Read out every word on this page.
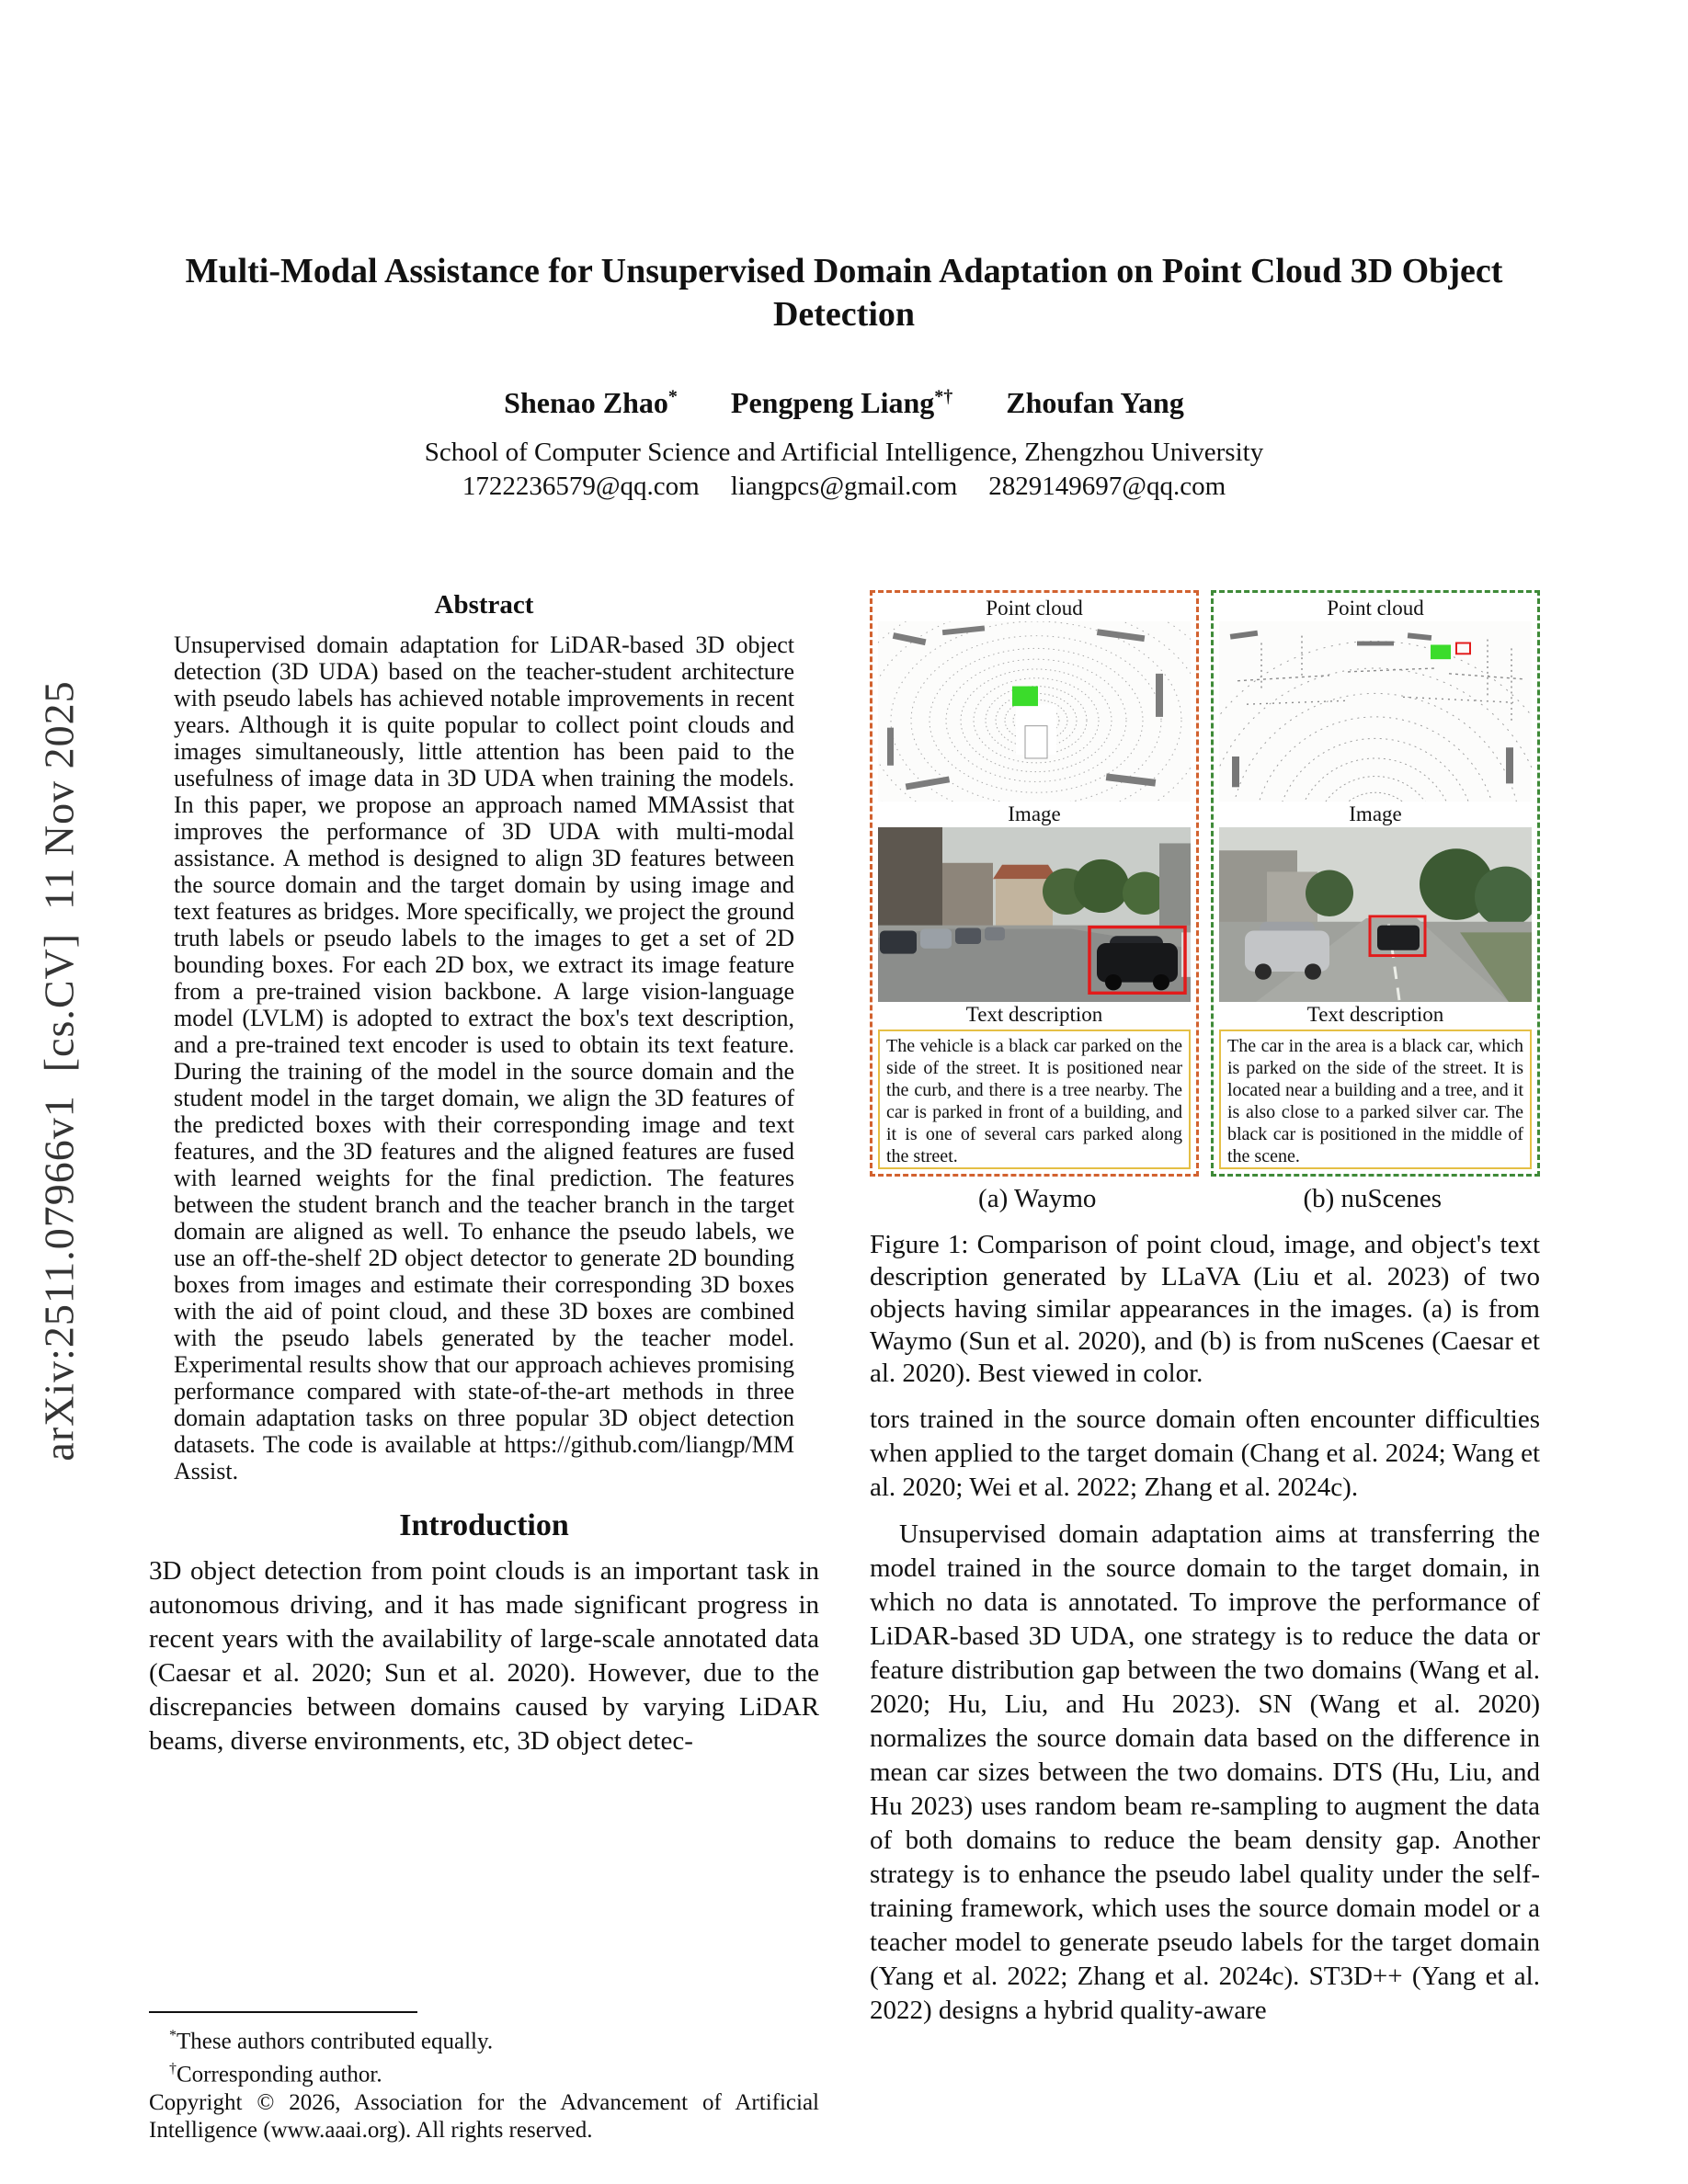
arXiv:2511.07966v1  [cs.CV]  11 Nov 2025
Multi-Modal Assistance for Unsupervised Domain Adaptation on Point Cloud 3D Object Detection
Shenao Zhao* Pengpeng Liang*† Zhoufan Yang
School of Computer Science and Artificial Intelligence, Zhengzhou University
1722236579@qq.com liangpcs@gmail.com 2829149697@qq.com
Abstract

Unsupervised domain adaptation for LiDAR-based 3D object detection (3D UDA) based on the teacher-student architecture with pseudo labels has achieved notable improvements in recent years. Although it is quite popular to collect point clouds and images simultaneously, little attention has been paid to the usefulness of image data in 3D UDA when training the models. In this paper, we propose an approach named MMAssist that improves the performance of 3D UDA with multi-modal assistance. A method is designed to align 3D features between the source domain and the target domain by using image and text features as bridges. More specifically, we project the ground truth labels or pseudo labels to the images to get a set of 2D bounding boxes. For each 2D box, we extract its image feature from a pre-trained vision backbone. A large vision-language model (LVLM) is adopted to extract the box's text description, and a pre-trained text encoder is used to obtain its text feature. During the training of the model in the source domain and the student model in the target domain, we align the 3D features of the predicted boxes with their corresponding image and text features, and the 3D features and the aligned features are fused with learned weights for the final prediction. The features between the student branch and the teacher branch in the target domain are aligned as well. To enhance the pseudo labels, we use an off-the-shelf 2D object detector to generate 2D bounding boxes from images and estimate their corresponding 3D boxes with the aid of point cloud, and these 3D boxes are combined with the pseudo labels generated by the teacher model. Experimental results show that our approach achieves promising performance compared with state-of-the-art methods in three domain adaptation tasks on three popular 3D object detection datasets. The code is available at https://github.com/liangp/MMAssist.

Introduction

3D object detection from point clouds is an important task in autonomous driving, and it has made significant progress in recent years with the availability of large-scale annotated data (Caesar et al. 2020; Sun et al. 2020). However, due to the discrepancies between domains caused by varying LiDAR beams, diverse environments, etc, 3D object detec-

*These authors contributed equally.
†Corresponding author.
Copyright © 2026, Association for the Advancement of Artificial Intelligence (www.aaai.org). All rights reserved.
Point cloud
Image
Text description
The vehicle is a black car parked on the side of the street. It is positioned near the curb, and there is a tree nearby. The car is parked in front of a building, and it is one of several cars parked along the street.
Point cloud
Image
Text description
The car in the area is a black car, which is parked on the side of the street. It is located near a building and a tree, and it is also close to a parked silver car. The black car is positioned in the middle of the scene.
(a) Waymo	(b) nuScenes
Figure 1: Comparison of point cloud, image, and object's text description generated by LLaVA (Liu et al. 2023) of two objects having similar appearances in the images. (a) is from Waymo (Sun et al. 2020), and (b) is from nuScenes (Caesar et al. 2020). Best viewed in color.

tors trained in the source domain often encounter difficulties when applied to the target domain (Chang et al. 2024; Wang et al. 2020; Wei et al. 2022; Zhang et al. 2024c).

Unsupervised domain adaptation aims at transferring the model trained in the source domain to the target domain, in which no data is annotated. To improve the performance of LiDAR-based 3D UDA, one strategy is to reduce the data or feature distribution gap between the two domains (Wang et al. 2020; Hu, Liu, and Hu 2023). SN (Wang et al. 2020) normalizes the source domain data based on the difference in mean car sizes between the two domains. DTS (Hu, Liu, and Hu 2023) uses random beam re-sampling to augment the data of both domains to reduce the beam density gap. Another strategy is to enhance the pseudo label quality under the self-training framework, which uses the source domain model or a teacher model to generate pseudo labels for the target domain (Yang et al. 2022; Zhang et al. 2024c). ST3D++ (Yang et al. 2022) designs a hybrid quality-aware
